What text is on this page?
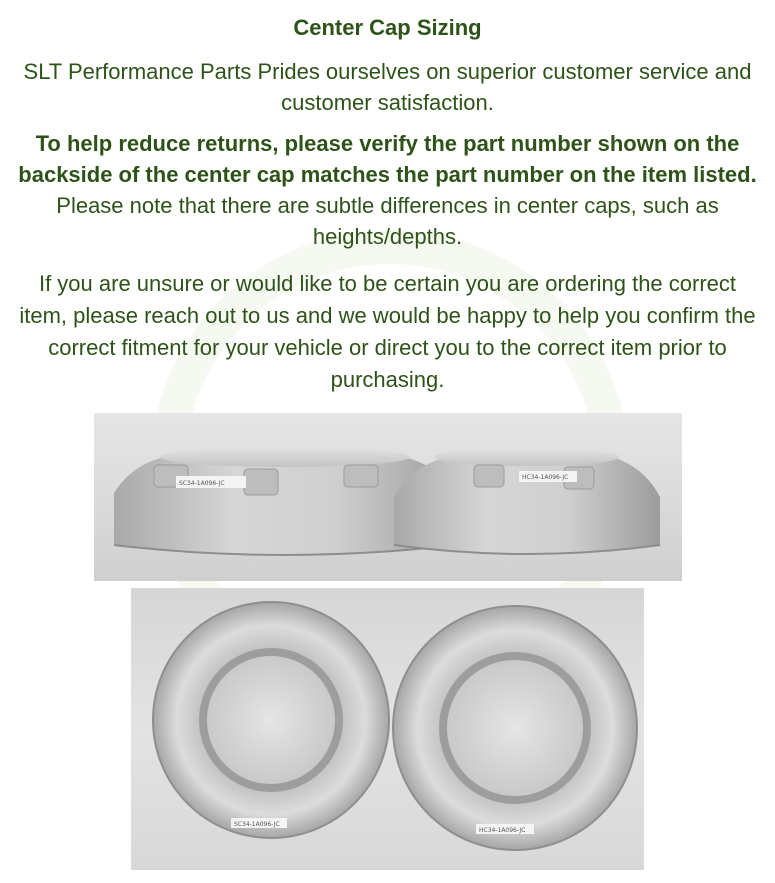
Center Cap Sizing

SLT Performance Parts Prides ourselves on superior customer service and customer satisfaction.

To help reduce returns, please verify the part number shown on the backside of the center cap matches the part number on the item listed. Please note that there are subtle differences in center caps, such as heights/depths.

If you are unsure or would like to be certain you are ordering the correct item, please reach out to us and we would be happy to help you confirm the correct fitment for your vehicle or direct you to the correct item prior to purchasing.

SC34-1A096-JC
HC34-1A096-JC
SC34-1A096-JC
HC34-1A096-JC
